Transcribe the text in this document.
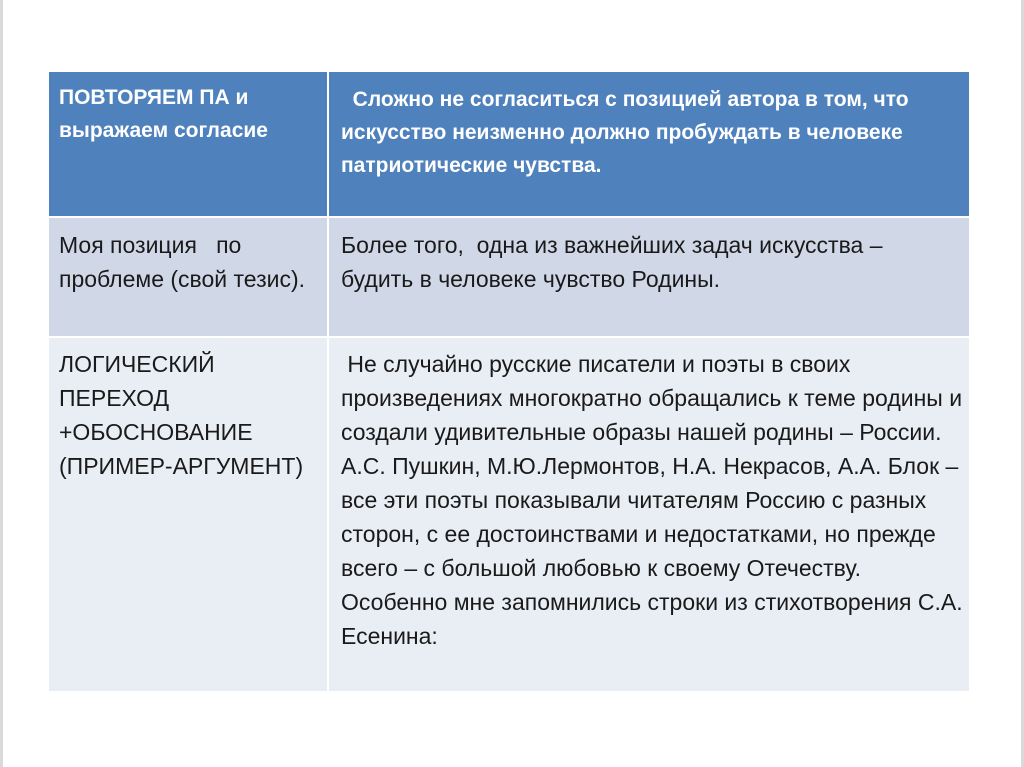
ПОВТОРЯЕМ ПА и выражаем согласие	Сложно не согласиться с позицией автора в том, что искусство неизменно должно пробуждать в человеке патриотические чувства.
Моя позиция   по проблеме (свой тезис).	Более того,  одна из важнейших задач искусства – будить в человеке чувство Родины.
ЛОГИЧЕСКИЙ ПЕРЕХОД +ОБОСНОВАНИЕ (ПРИМЕР-АРГУМЕНТ)	Не случайно русские писатели и поэты в своих произведениях многократно обращались к теме родины и создали удивительные образы нашей родины – России. А.С. Пушкин, М.Ю.Лермонтов, Н.А. Некрасов, А.А. Блок – все эти поэты показывали читателям Россию с разных сторон, с ее достоинствами и недостатками, но прежде всего – с большой любовью к своему Отечеству. Особенно мне запомнились строки из стихотворения С.А. Есенина:
